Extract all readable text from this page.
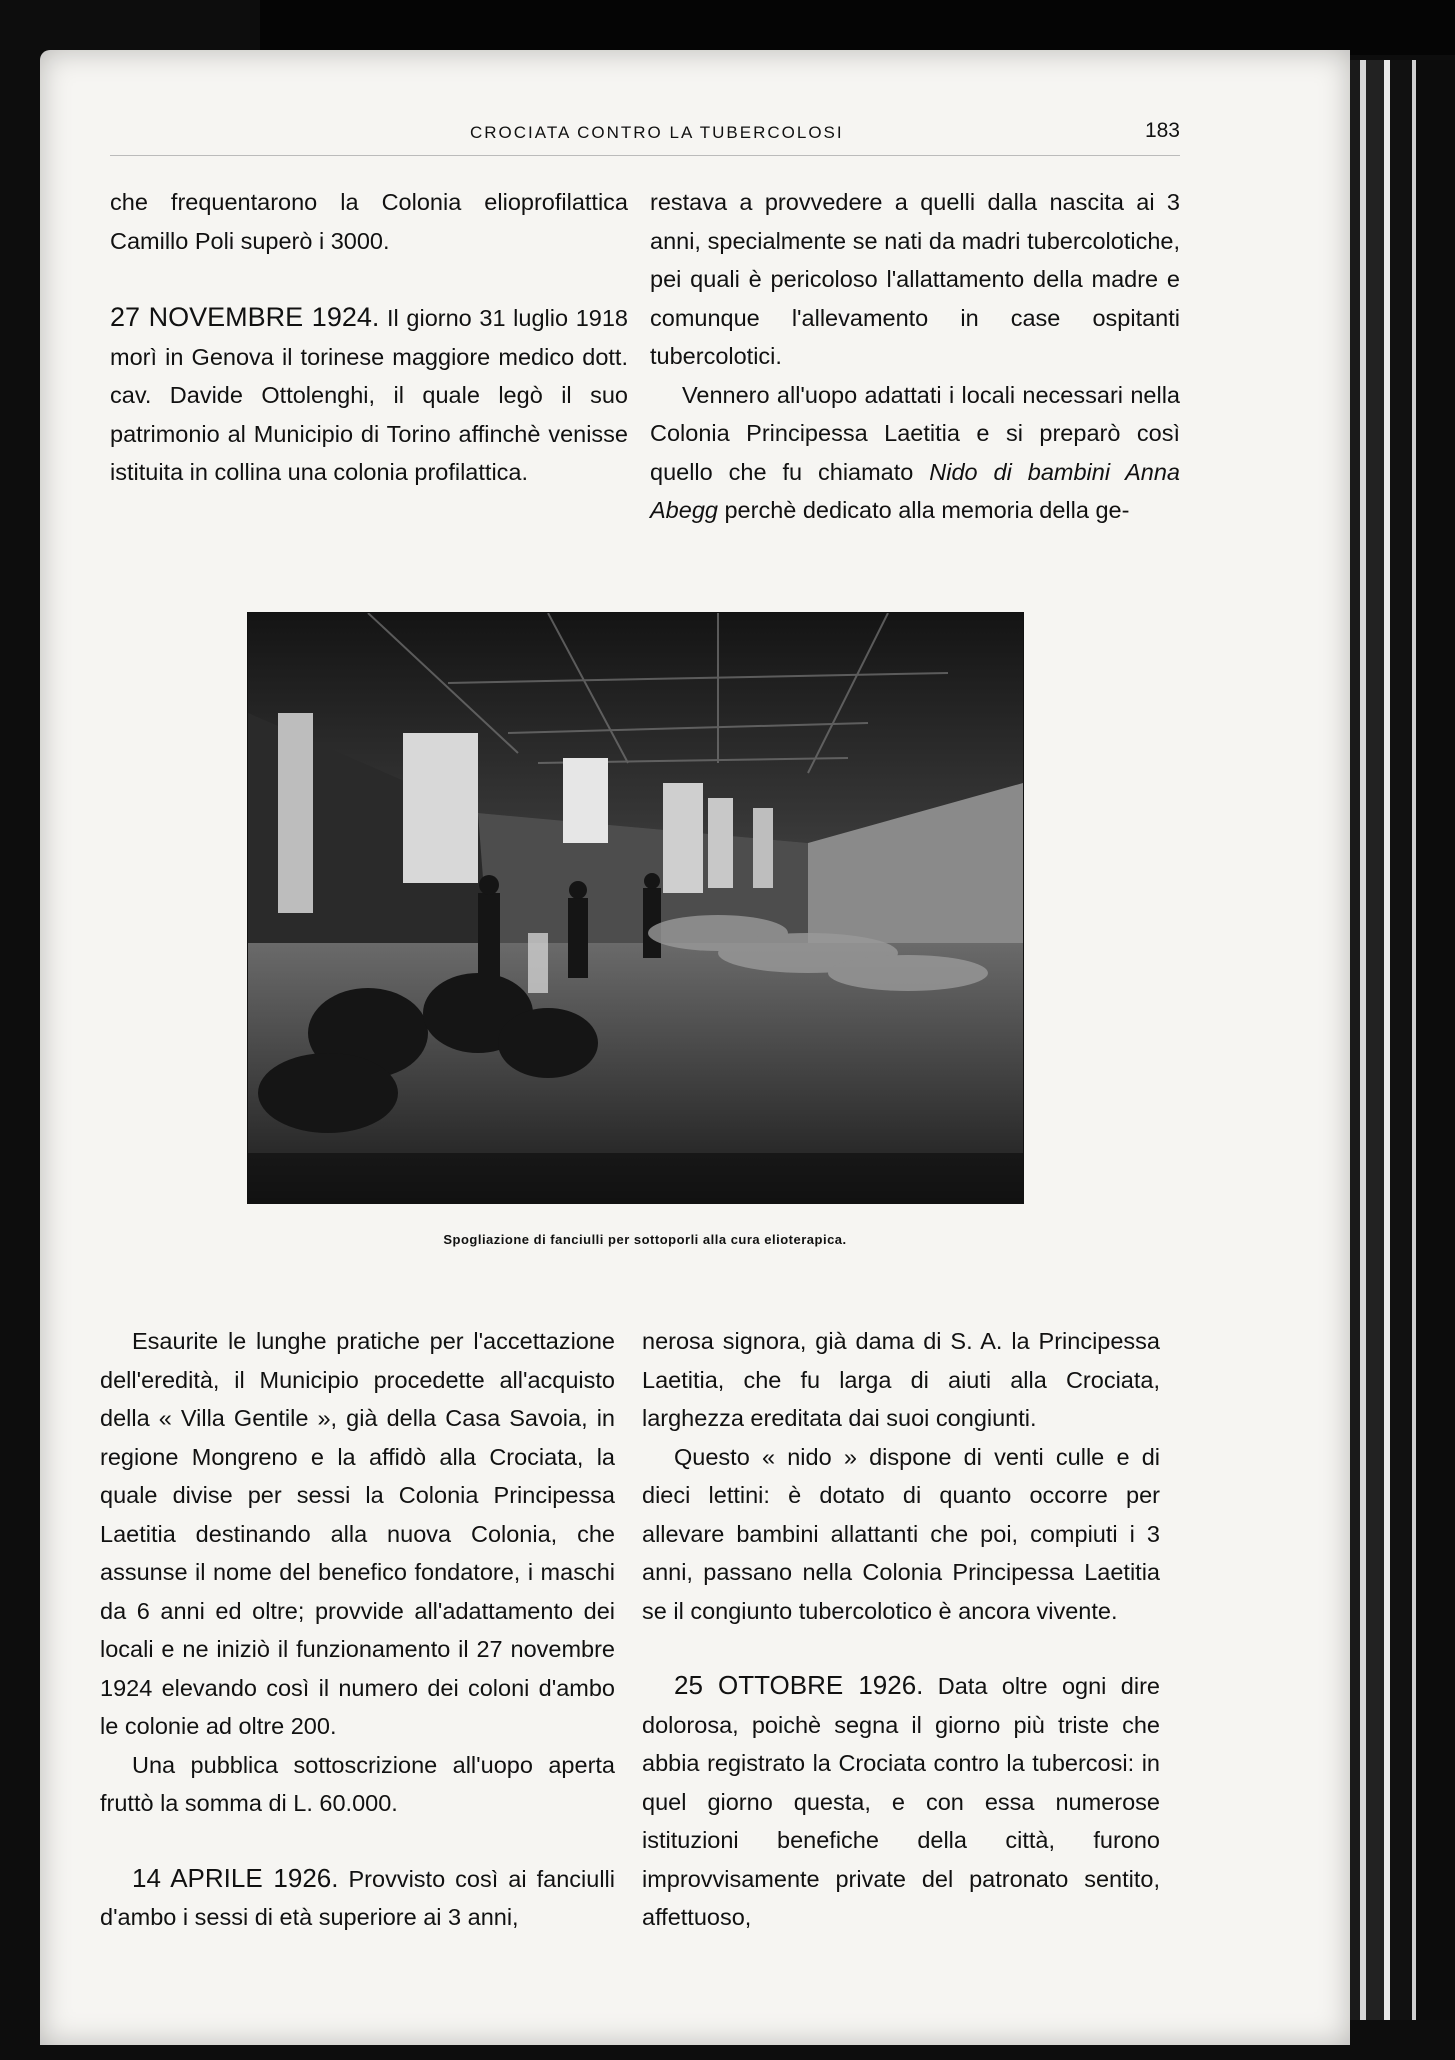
CROCIATA CONTRO LA TUBERCOLOSI	183

che frequentarono la Colonia elioprofilattica Camillo Poli superò i 3000.

27 NOVEMBRE 1924. Il giorno 31 luglio 1918 morì in Genova il torinese maggiore medico dott. cav. Davide Ottolenghi, il quale legò il suo patrimonio al Municipio di Torino affinchè venisse istituita in collina una colonia profilattica.

restava a provvedere a quelli dalla nascita ai 3 anni, specialmente se nati da madri tubercolotiche, pei quali è pericoloso l'allattamento della madre e comunque l'allevamento in case ospitanti tubercolotici.

Vennero all'uopo adattati i locali necessari nella Colonia Principessa Laetitia e si preparò così quello che fu chiamato Nido di bambini Anna Abegg perchè dedicato alla memoria della ge-

Spogliazione di fanciulli per sottoporli alla cura elioterapica.

Esaurite le lunghe pratiche per l'accettazione dell'eredità, il Municipio procedette all'acquisto della « Villa Gentile », già della Casa Savoia, in regione Mongreno e la affidò alla Crociata, la quale divise per sessi la Colonia Principessa Laetitia destinando alla nuova Colonia, che assunse il nome del benefico fondatore, i maschi da 6 anni ed oltre; provvide all'adattamento dei locali e ne iniziò il funzionamento il 27 novembre 1924 elevando così il numero dei coloni d'ambo le colonie ad oltre 200.

Una pubblica sottoscrizione all'uopo aperta fruttò la somma di L. 60.000.

14 APRILE 1926. Provvisto così ai fanciulli d'ambo i sessi di età superiore ai 3 anni,

nerosa signora, già dama di S. A. la Principessa Laetitia, che fu larga di aiuti alla Crociata, larghezza ereditata dai suoi congiunti.

Questo « nido » dispone di venti culle e di dieci lettini: è dotato di quanto occorre per allevare bambini allattanti che poi, compiuti i 3 anni, passano nella Colonia Principessa Laetitia se il congiunto tubercolotico è ancora vivente.

25 OTTOBRE 1926. Data oltre ogni dire dolorosa, poichè segna il giorno più triste che abbia registrato la Crociata contro la tubercosi: in quel giorno questa, e con essa numerose istituzioni benefiche della città, furono improvvisamente private del patronato sentito, affettuoso,
